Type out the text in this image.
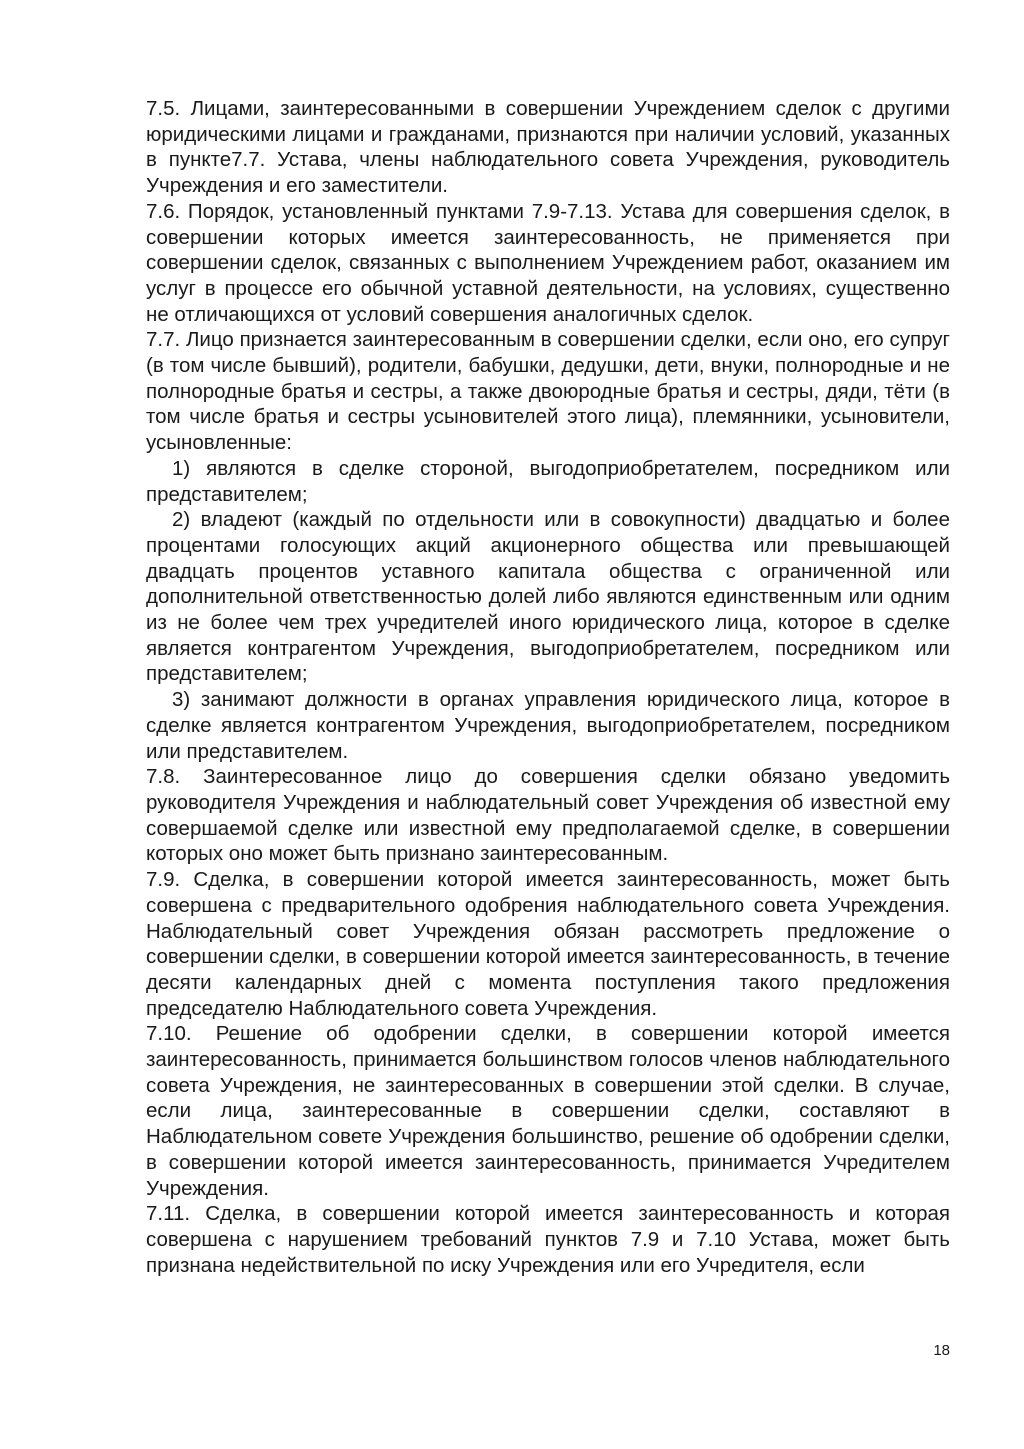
7.5. Лицами, заинтересованными в совершении Учреждением сделок с другими юридическими лицами и гражданами, признаются при наличии условий, указанных в пункте7.7. Устава, члены наблюдательного совета Учреждения, руководитель Учреждения и его заместители.

7.6. Порядок, установленный пунктами 7.9-7.13. Устава для совершения сделок, в совершении которых имеется заинтересованность, не применяется при совершении сделок, связанных с выполнением Учреждением работ, оказанием им услуг в процессе его обычной уставной деятельности, на условиях, существенно не отличающихся от условий совершения аналогичных сделок.

7.7. Лицо признается заинтересованным в совершении сделки, если оно, его супруг (в том числе бывший), родители, бабушки, дедушки, дети, внуки, полнородные и не полнородные братья и сестры, а также двоюродные братья и сестры, дяди, тёти (в том числе братья и сестры усыновителей этого лица), племянники, усыновители, усыновленные:

1) являются в сделке стороной, выгодоприобретателем, посредником или представителем;

2) владеют (каждый по отдельности или в совокупности) двадцатью и более процентами голосующих акций акционерного общества или превышающей двадцать процентов уставного капитала общества с ограниченной или дополнительной ответственностью долей либо являются единственным или одним из не более чем трех учредителей иного юридического лица, которое в сделке является контрагентом Учреждения, выгодоприобретателем, посредником или представителем;

3) занимают должности в органах управления юридического лица, которое в сделке является контрагентом Учреждения, выгодоприобретателем, посредником или представителем.

7.8. Заинтересованное лицо до совершения сделки обязано уведомить руководителя Учреждения и наблюдательный совет Учреждения об известной ему совершаемой сделке или известной ему предполагаемой сделке, в совершении которых оно может быть признано заинтересованным.

7.9. Сделка, в совершении которой имеется заинтересованность, может быть совершена с предварительного одобрения наблюдательного совета Учреждения. Наблюдательный совет Учреждения обязан рассмотреть предложение о совершении сделки, в совершении которой имеется заинтересованность, в течение десяти календарных дней с момента поступления такого предложения председателю Наблюдательного совета Учреждения.

7.10. Решение об одобрении сделки, в совершении которой имеется заинтересованность, принимается большинством голосов членов наблюдательного совета Учреждения, не заинтересованных в совершении этой сделки. В случае, если лица, заинтересованные в совершении сделки, составляют в Наблюдательном совете Учреждения большинство, решение об одобрении сделки, в совершении которой имеется заинтересованность, принимается Учредителем Учреждения.

7.11. Сделка, в совершении которой имеется заинтересованность и которая совершена с нарушением требований пунктов 7.9 и 7.10 Устава, может быть признана недействительной по иску Учреждения или его Учредителя, если

18
